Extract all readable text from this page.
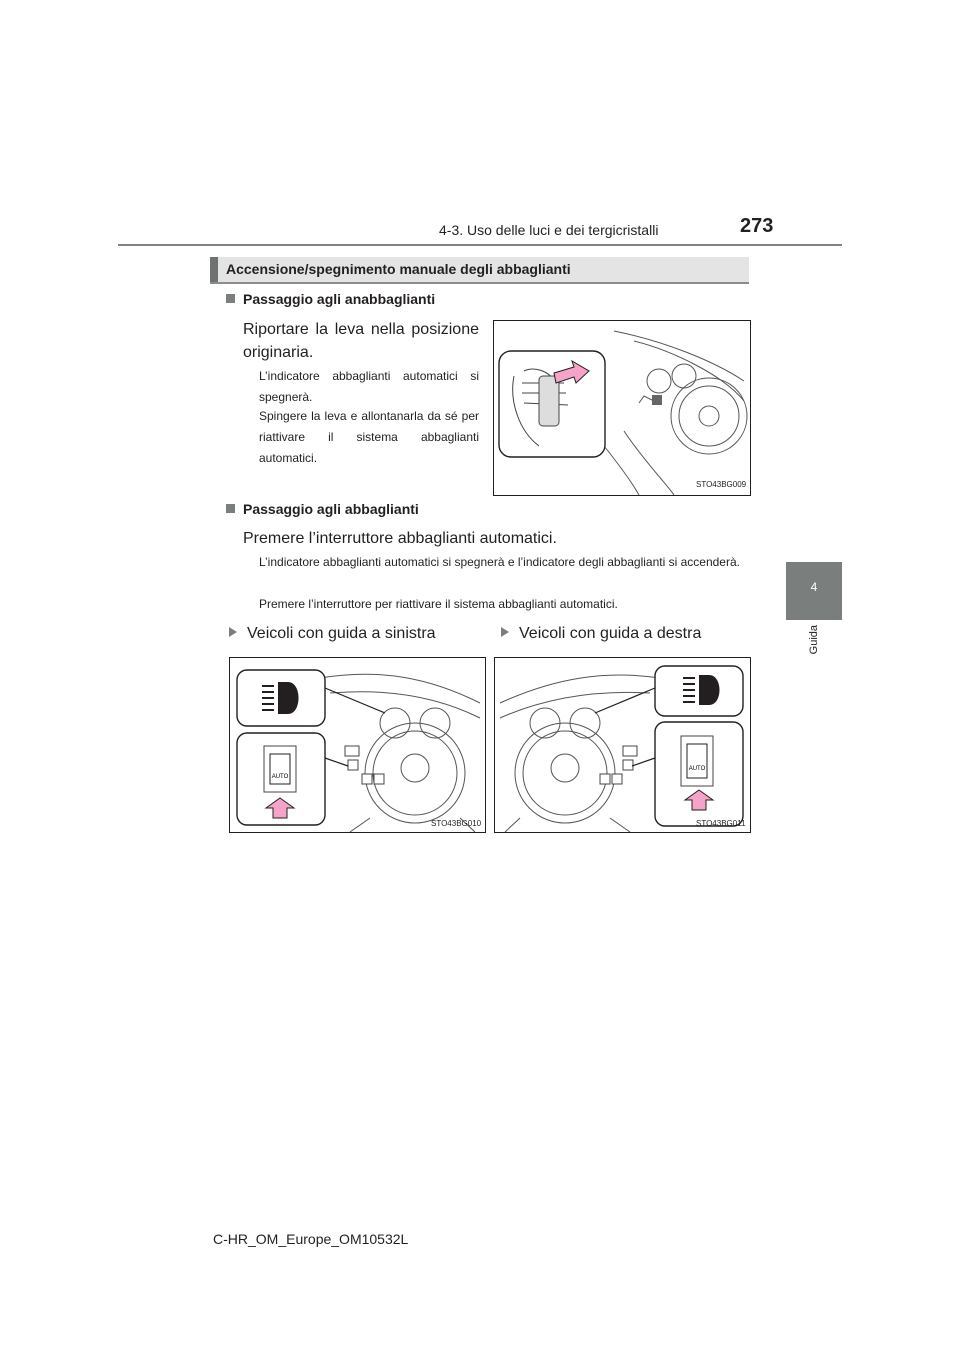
4-3. Uso delle luci e dei tergicristalli	273
4
Guida
Accensione/spegnimento manuale degli abbaglianti
Passaggio agli anabbaglianti
Riportare la leva nella posizione originaria.
L’indicatore abbaglianti automatici si spegnerà.
Spingere la leva e allontanarla da sé per riattivare il sistema abbaglianti automatici.
STO43BG009
Passaggio agli abbaglianti
Premere l’interruttore abbaglianti automatici.
L’indicatore abbaglianti automatici si spegnerà e l’indicatore degli abbaglianti si accenderà.
Premere l’interruttore per riattivare il sistema abbaglianti automatici.
Veicoli con guida a sinistra	Veicoli con guida a destra
AUTO
STO43BG010
AUTO
STO43BG011
C-HR_OM_Europe_OM10532L
